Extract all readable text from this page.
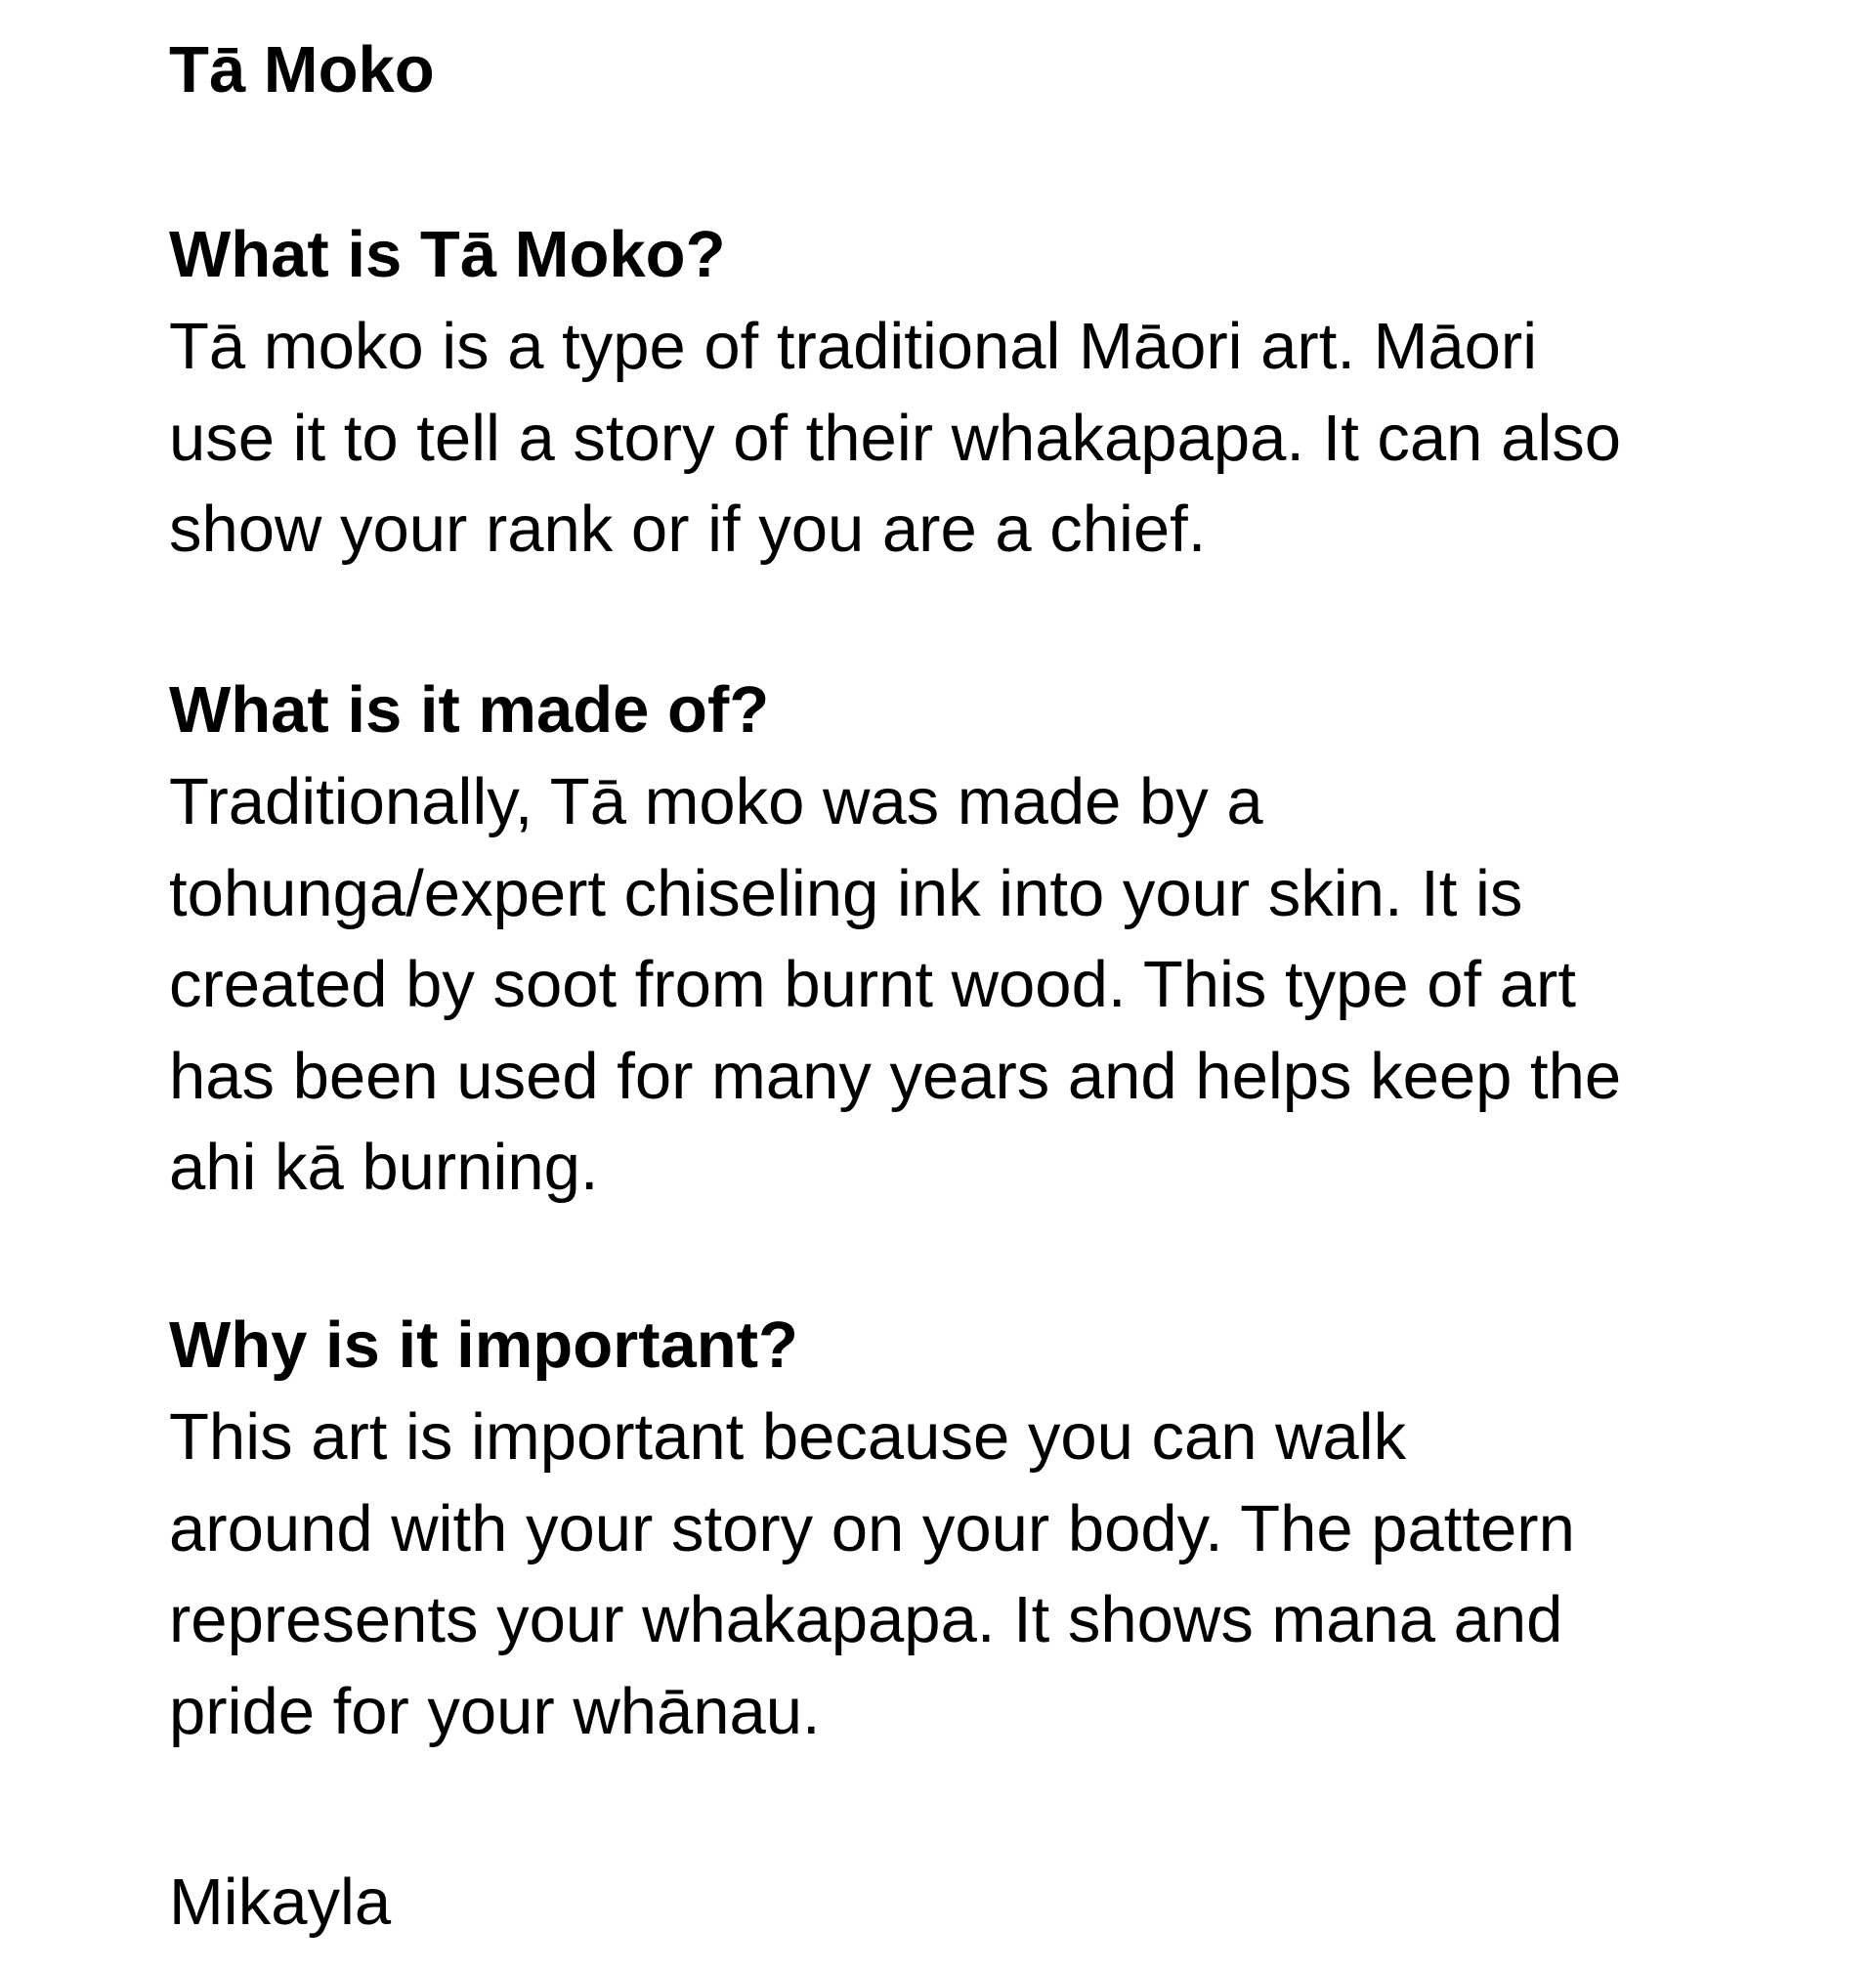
Tā Moko
What is Tā Moko?

Tā moko is a type of traditional Māori art. Māori

use it to tell a story of their whakapapa. It can also

show your rank or if you are a chief.

What is it made of?

Traditionally, Tā moko was made by a

tohunga/expert chiseling ink into your skin. It is

created by soot from burnt wood. This type of art

has been used for many years and helps keep the

ahi kā burning.

Why is it important?

This art is important because you can walk

around with your story on your body. The pattern

represents your whakapapa. It shows mana and

pride for your whānau.

Mikayla
